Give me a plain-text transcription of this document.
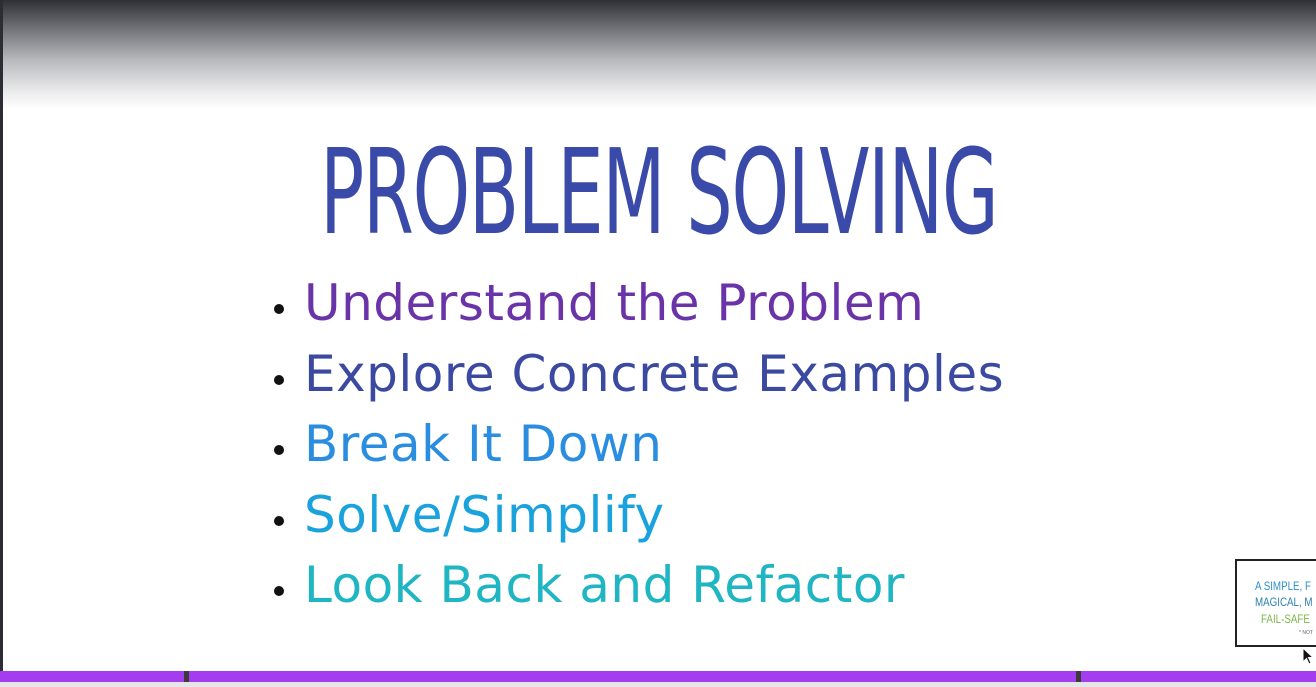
PROBLEM SOLVING
Understand the Problem
Explore Concrete Examples
Break It Down
Solve/Simplify
Look Back and Refactor	A SIMPLE, F
MAGICAL, M
FAIL-SAFE
* NOT
